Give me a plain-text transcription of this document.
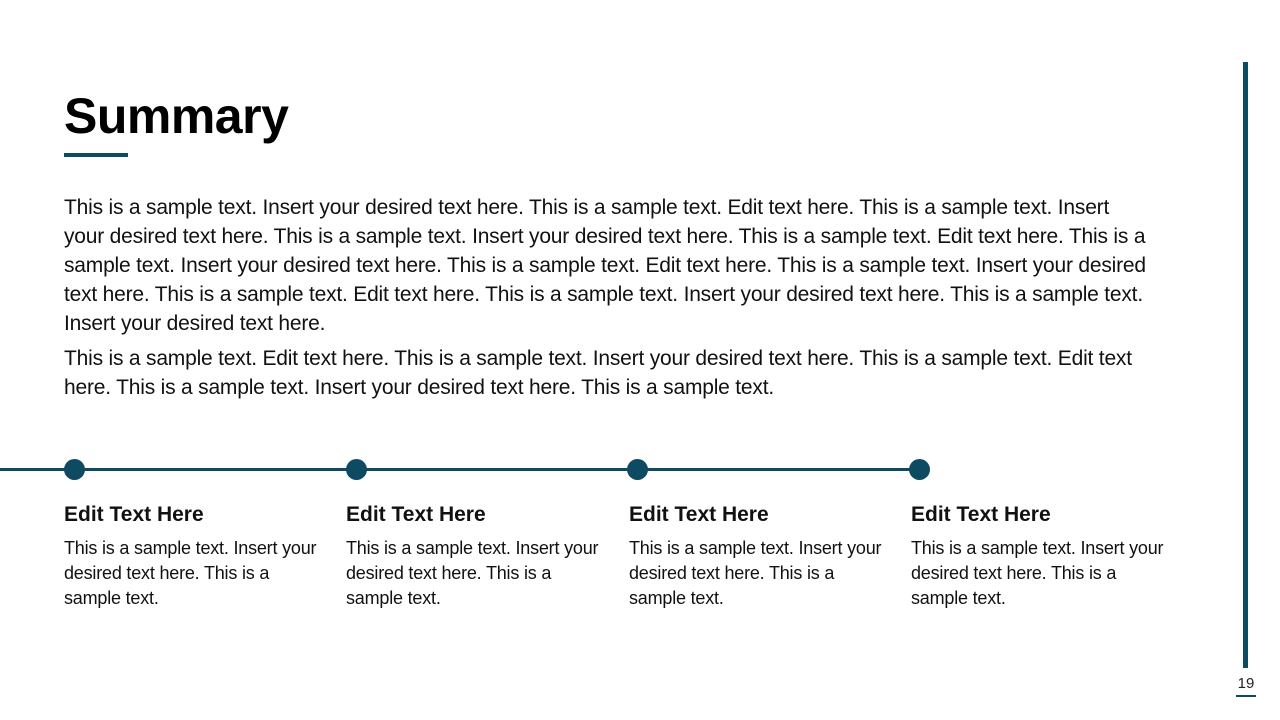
Summary

This is a sample text. Insert your desired text here. This is a sample text. Edit text here. This is a sample text. Insert your desired text here. This is a sample text. Insert your desired text here. This is a sample text. Edit text here. This is a sample text. Insert your desired text here. This is a sample text. Edit text here. This is a sample text. Insert your desired text here. This is a sample text. Edit text here. This is a sample text. Insert your desired text here. This is a sample text. Insert your desired text here.

This is a sample text. Edit text here. This is a sample text. Insert your desired text here. This is a sample text. Edit text here. This is a sample text. Insert your desired text here. This is a sample text.

Edit Text Here

This is a sample text. Insert your desired text here. This is a sample text.

Edit Text Here

This is a sample text. Insert your desired text here. This is a sample text.

Edit Text Here

This is a sample text. Insert your desired text here. This is a sample text.

Edit Text Here

This is a sample text. Insert your desired text here. This is a sample text.

19
